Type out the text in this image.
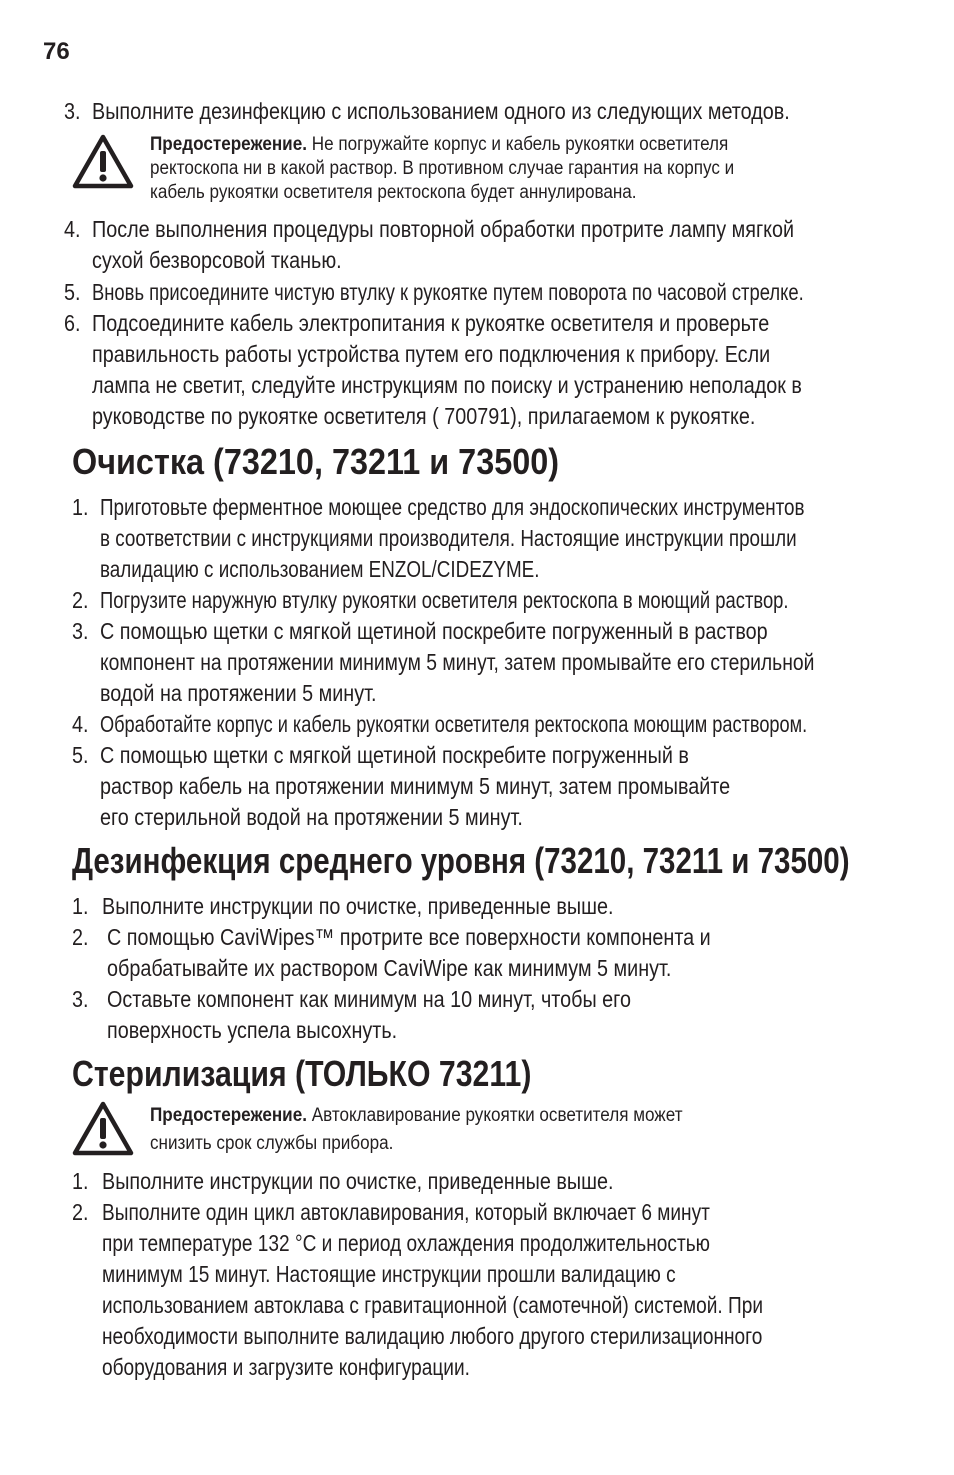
76
3. Выполните дезинфекцию с использованием одного из следующих методов.
Предостережение. Не погружайте корпус и кабель рукоятки осветителя
ректоскопа ни в какой раствор. В противном случае гарантия на корпус и
кабель рукоятки осветителя ректоскопа будет аннулирована.
4. После выполнения процедуры повторной обработки протрите лампу мягкой
сухой безворсовой тканью.
5. Вновь присоедините чистую втулку к рукоятке путем поворота по часовой стрелке.
6. Подсоедините кабель электропитания к рукоятке осветителя и проверьте
правильность работы устройства путем его подключения к прибору. Если
лампа не светит, следуйте инструкциям по поиску и устранению неполадок в
руководстве по рукоятке осветителя ( 700791), прилагаемом к рукоятке.
Очистка (73210, 73211 и 73500)
1. Приготовьте ферментное моющее средство для эндоскопических инструментов
в соответствии с инструкциями производителя. Настоящие инструкции прошли
валидацию с использованием ENZOL/CIDEZYME.
2. Погрузите наружную втулку рукоятки осветителя ректоскопа в моющий раствор.
3. С помощью щетки с мягкой щетиной поскребите погруженный в раствор
компонент на протяжении минимум 5 минут, затем промывайте его стерильной
водой на протяжении 5 минут.
4. Обработайте корпус и кабель рукоятки осветителя ректоскопа моющим раствором.
5. С помощью щетки с мягкой щетиной поскребите погруженный в
раствор кабель на протяжении минимум 5 минут, затем промывайте
его стерильной водой на протяжении 5 минут.
Дезинфекция среднего уровня (73210, 73211 и 73500)
1. Выполните инструкции по очистке, приведенные выше.
2. С помощью CaviWipes™ протрите все поверхности компонента и
обрабатывайте их раствором CaviWipe как минимум 5 минут.
3. Оставьте компонент как минимум на 10 минут, чтобы его
поверхность успела высохнуть.
Стерилизация (ТОЛЬКО 73211)
Предостережение. Автоклавирование рукоятки осветителя может
снизить срок службы прибора.
1. Выполните инструкции по очистке, приведенные выше.
2. Выполните один цикл автоклавирования, который включает 6 минут
при температуре 132 °C и период охлаждения продолжительностью
минимум 15 минут. Настоящие инструкции прошли валидацию с
использованием автоклава с гравитационной (самотечной) системой. При
необходимости выполните валидацию любого другого стерилизационного
оборудования и загрузите конфигурации.
